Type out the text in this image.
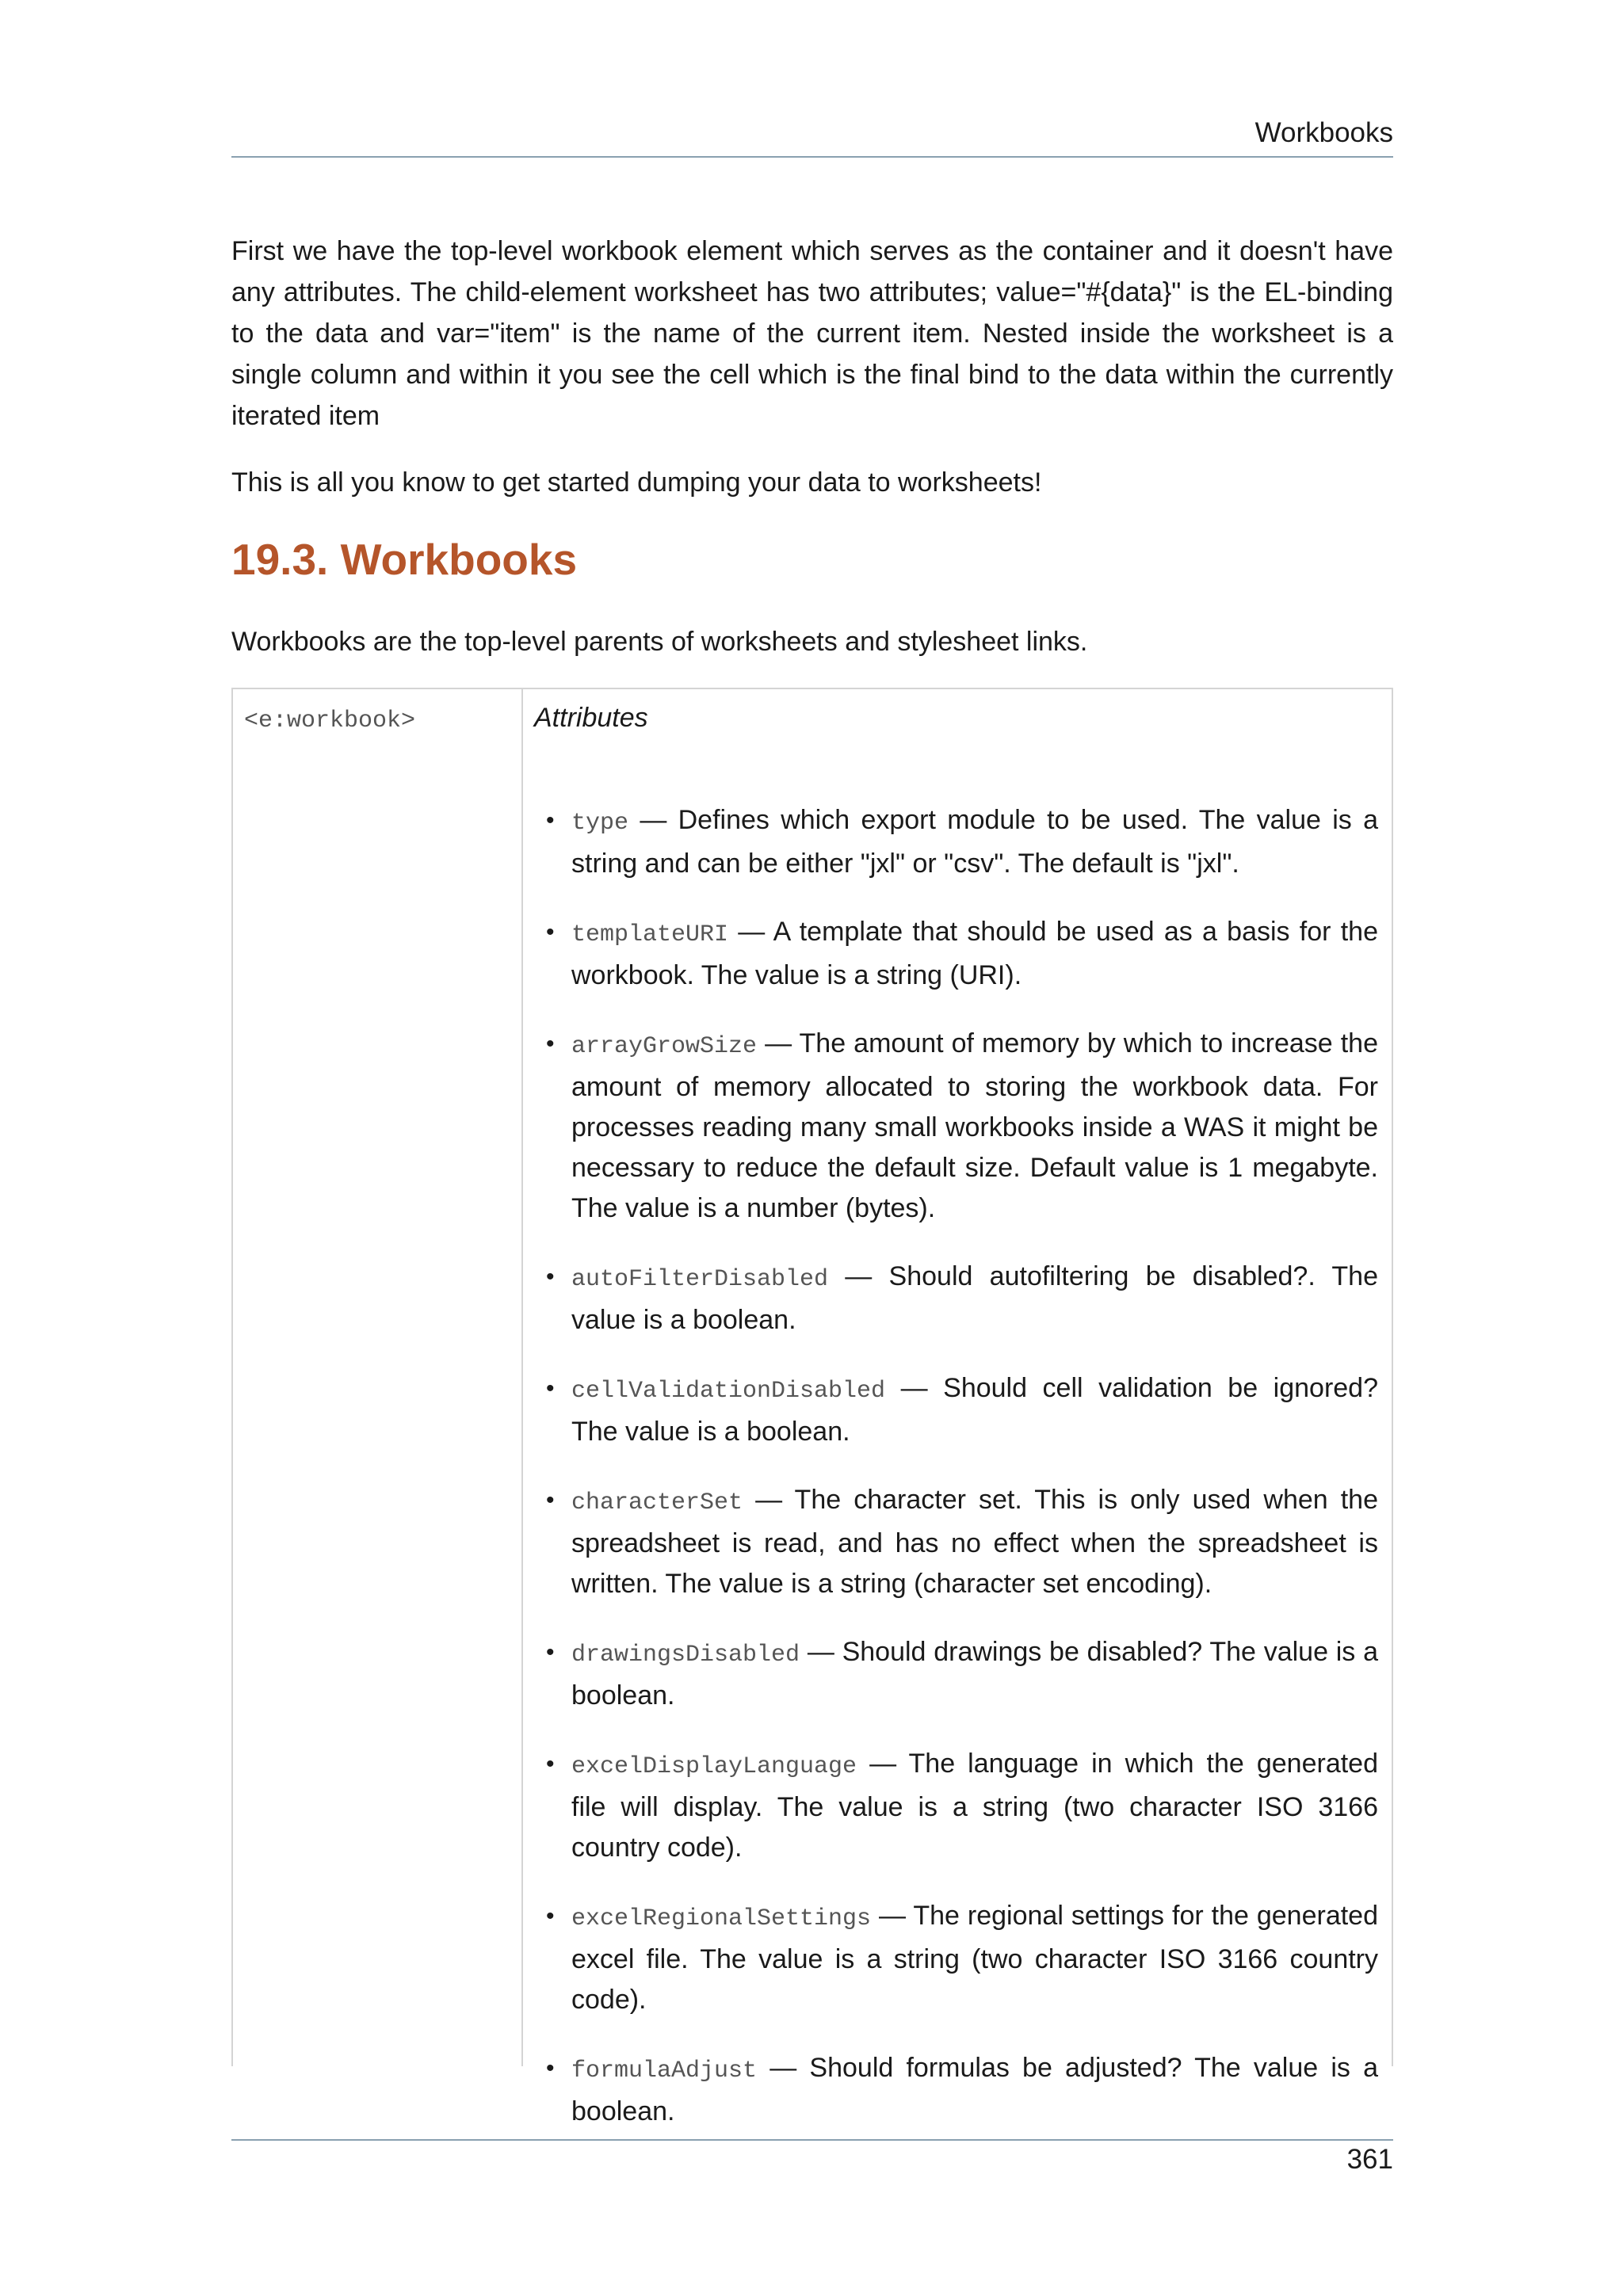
Workbooks

First we have the top-level workbook element which serves as the container and it doesn't have any attributes. The child-element worksheet has two attributes; value="#{data}" is the EL-binding to the data and var="item" is the name of the current item. Nested inside the worksheet is a single column and within it you see the cell which is the final bind to the data within the currently iterated item

This is all you know to get started dumping your data to worksheets!

19.3. Workbooks

Workbooks are the top-level parents of worksheets and stylesheet links.

<e:workbook>	Attributes
• type — Defines which export module to be used. The value is a string and can be either "jxl" or "csv". The default is "jxl".
• templateURI — A template that should be used as a basis for the workbook. The value is a string (URI).
• arrayGrowSize — The amount of memory by which to increase the amount of memory allocated to storing the workbook data. For processes reading many small workbooks inside a WAS it might be necessary to reduce the default size. Default value is 1 megabyte. The value is a number (bytes).
• autoFilterDisabled — Should autofiltering be disabled?. The value is a boolean.
• cellValidationDisabled — Should cell validation be ignored? The value is a boolean.
• characterSet — The character set. This is only used when the spreadsheet is read, and has no effect when the spreadsheet is written. The value is a string (character set encoding).
• drawingsDisabled — Should drawings be disabled? The value is a boolean.
• excelDisplayLanguage — The language in which the generated file will display. The value is a string (two character ISO 3166 country code).
• excelRegionalSettings — The regional settings for the generated excel file. The value is a string (two character ISO 3166 country code).
• formulaAdjust — Should formulas be adjusted? The value is a boolean.
361
